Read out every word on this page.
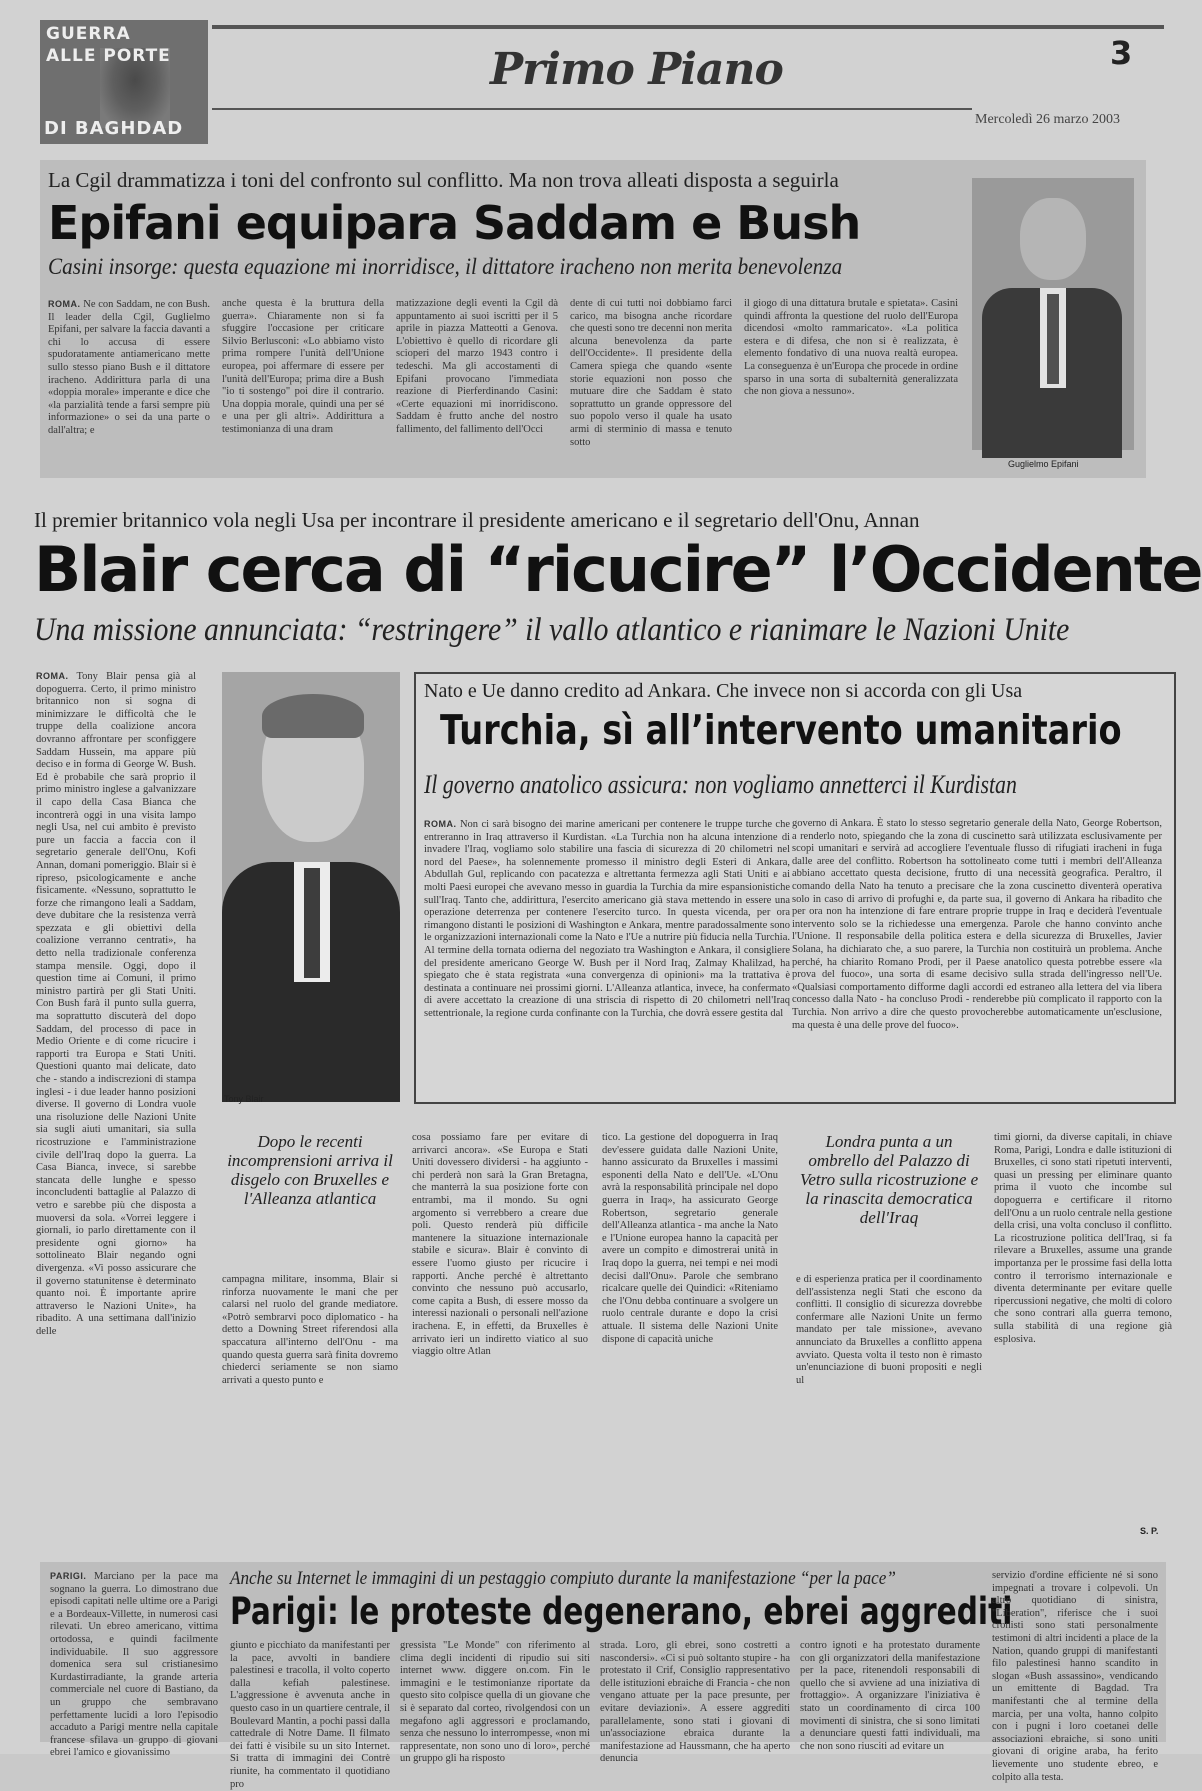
GUERRA
ALLE PORTE
DI BAGHDAD
Primo Piano	3
Mercoledì 26 marzo 2003
La Cgil drammatizza i toni del confronto sul conflitto. Ma non trova alleati disposta a seguirla
Epifani equipara Saddam e Bush
Casini insorge: questa equazione mi inorridisce, il dittatore iracheno non merita benevolenza
ROMA. Ne con Saddam, ne con Bush. Il leader della Cgil, Guglielmo Epifani, per salvare la faccia davanti a chi lo accusa di essere spudoratamente antiamericano mette sullo stesso piano Bush e il dittatore iracheno. Addirittura parla di una «doppia morale» imperante e dice che «la parzialità tende a farsi sempre più informazione» o sei da una parte o dall'altra; e
anche questa è la bruttura della guerra». Chiaramente non si fa sfuggire l'occasione per criticare Silvio Berlusconi: «Lo abbiamo visto prima rompere l'unità dell'Unione europea, poi affermare di essere per l'unità dell'Europa; prima dire a Bush "io ti sostengo" poi dire il contrario. Una doppia morale, quindi una per sé e una per gli altri». Addirittura a testimonianza di una dram
matizzazione degli eventi la Cgil dà appuntamento ai suoi iscritti per il 5 aprile in piazza Matteotti a Genova. L'obiettivo è quello di ricordare gli scioperi del marzo 1943 contro i tedeschi. Ma gli accostamenti di Epifani provocano l'immediata reazione di Pierferdinando Casini: «Certe equazioni mi inorridiscono. Saddam è frutto anche del nostro fallimento, del fallimento dell'Occi
dente di cui tutti noi dobbiamo farci carico, ma bisogna anche ricordare che questi sono tre decenni non merita alcuna benevolenza da parte dell'Occidente». Il presidente della Camera spiega che quando «sente storie equazioni non posso che mutuare dire che Saddam è stato soprattutto un grande oppressore del suo popolo verso il quale ha usato armi di sterminio di massa e tenuto sotto
il giogo di una dittatura brutale e spietata». Casini quindi affronta la questione del ruolo dell'Europa dicendosi «molto rammaricato». «La politica estera e di difesa, che non si è realizzata, è elemento fondativo di una nuova realtà europea. La conseguenza è un'Europa che procede in ordine sparso in una sorta di subalternità generalizzata che non giova a nessuno».
Guglielmo Epifani
Il premier britannico vola negli Usa per incontrare il presidente americano e il segretario dell'Onu, Annan
Blair cerca di “ricucire” l’Occidente
Una missione annunciata: “restringere” il vallo atlantico e rianimare le Nazioni Unite
ROMA. Tony Blair pensa già al dopoguerra. Certo, il primo ministro britannico non si sogna di minimizzare le difficoltà che le truppe della coalizione ancora dovranno affrontare per sconfiggere Saddam Hussein, ma appare più deciso e in forma di George W. Bush. Ed è probabile che sarà proprio il primo ministro inglese a galvanizzare il capo della Casa Bianca che incontrerà oggi in una visita lampo negli Usa, nel cui ambito è previsto pure un faccia a faccia con il segretario generale dell'Onu, Kofi Annan, domani pomeriggio. Blair si è ripreso, psicologicamente e anche fisicamente. «Nessuno, soprattutto le forze che rimangono leali a Saddam, deve dubitare che la resistenza verrà spezzata e gli obiettivi della coalizione verranno centrati», ha detto nella tradizionale conferenza stampa mensile. Oggi, dopo il question time ai Comuni, il primo ministro partirà per gli Stati Uniti. Con Bush farà il punto sulla guerra, ma soprattutto discuterà del dopo Saddam, del processo di pace in Medio Oriente e di come ricucire i rapporti tra Europa e Stati Uniti. Questioni quanto mai delicate, dato che - stando a indiscrezioni di stampa inglesi - i due leader hanno posizioni diverse. Il governo di Londra vuole una risoluzione delle Nazioni Unite sia sugli aiuti umanitari, sia sulla ricostruzione e l'amministrazione civile dell'Iraq dopo la guerra. La Casa Bianca, invece, si sarebbe stancata delle lunghe e spesso inconcludenti battaglie al Palazzo di vetro e sarebbe più che disposta a muoversi da sola. «Vorrei leggere i giornali, io parlo direttamente con il presidente ogni giorno» ha sottolineato Blair negando ogni divergenza. «Vi posso assicurare che il governo statunitense è determinato quanto noi. È importante aprire attraverso le Nazioni Unite», ha ribadito. A una settimana dall'inizio delle
Tony Blair
Nato e Ue danno credito ad Ankara. Che invece non si accorda con gli Usa
Turchia, sì all’intervento umanitario
Il governo anatolico assicura: non vogliamo annetterci il Kurdistan
ROMA. Non ci sarà bisogno dei marine americani per contenere le truppe turche che entreranno in Iraq attraverso il Kurdistan. «La Turchia non ha alcuna intenzione di invadere l'Iraq, vogliamo solo stabilire una fascia di sicurezza di 20 chilometri nel nord del Paese», ha solennemente promesso il ministro degli Esteri di Ankara, Abdullah Gul, replicando con pacatezza e altrettanta fermezza agli Stati Uniti e ai molti Paesi europei che avevano messo in guardia la Turchia da mire espansionistiche sull'Iraq. Tanto che, addirittura, l'esercito americano già stava mettendo in essere una operazione deterrenza per contenere l'esercito turco. In questa vicenda, per ora rimangono distanti le posizioni di Washington e Ankara, mentre paradossalmente sono le organizzazioni internazionali come la Nato e l'Ue a nutrire più fiducia nella Turchia. Al termine della tornata odierna del negoziato tra Washington e Ankara, il consigliere del presidente americano George W. Bush per il Nord Iraq, Zalmay Khalilzad, ha spiegato che è stata registrata «una convergenza di opinioni» ma la trattativa è destinata a continuare nei prossimi giorni. L'Alleanza atlantica, invece, ha confermato di avere accettato la creazione di una striscia di rispetto di 20 chilometri nell'Iraq settentrionale, la regione curda confinante con la Turchia, che dovrà essere gestita dal
governo di Ankara. È stato lo stesso segretario generale della Nato, George Robertson, a renderlo noto, spiegando che la zona di cuscinetto sarà utilizzata esclusivamente per scopi umanitari e servirà ad accogliere l'eventuale flusso di rifugiati iracheni in fuga dalle aree del conflitto. Robertson ha sottolineato come tutti i membri dell'Alleanza abbiano accettato questa decisione, frutto di una necessità geografica. Peraltro, il comando della Nato ha tenuto a precisare che la zona cuscinetto diventerà operativa solo in caso di arrivo di profughi e, da parte sua, il governo di Ankara ha ribadito che per ora non ha intenzione di fare entrare proprie truppe in Iraq e deciderà l'eventuale intervento solo se la richiedesse una emergenza. Parole che hanno convinto anche l'Unione. Il responsabile della politica estera e della sicurezza di Bruxelles, Javier Solana, ha dichiarato che, a suo parere, la Turchia non costituirà un problema. Anche perché, ha chiarito Romano Prodi, per il Paese anatolico questa potrebbe essere «la prova del fuoco», una sorta di esame decisivo sulla strada dell'ingresso nell'Ue. «Qualsiasi comportamento difforme dagli accordi ed estraneo alla lettera del via libera concesso dalla Nato - ha concluso Prodi - renderebbe più complicato il rapporto con la Turchia. Non arrivo a dire che questo provocherebbe automaticamente un'esclusione, ma questa è una delle prove del fuoco».
Dopo le recenti incomprensioni arriva il disgelo con Bruxelles e l'Alleanza atlantica
campagna militare, insomma, Blair si rinforza nuovamente le mani che per calarsi nel ruolo del grande mediatore. «Potrò sembrarvi poco diplomatico - ha detto a Downing Street riferendosi alla spaccatura all'interno dell'Onu - ma quando questa guerra sarà finita dovremo chiederci seriamente se non siamo arrivati a questo punto e
cosa possiamo fare per evitare di arrivarci ancora». «Se Europa e Stati Uniti dovessero dividersi - ha aggiunto - chi perderà non sarà la Gran Bretagna, che manterrà la sua posizione forte con entrambi, ma il mondo. Su ogni argomento si verrebbero a creare due poli. Questo renderà più difficile mantenere la situazione internazionale stabile e sicura». Blair è convinto di essere l'uomo giusto per ricucire i rapporti. Anche perché è altrettanto convinto che nessuno può accusarlo, come capita a Bush, di essere mosso da interessi nazionali o personali nell'azione irachena. E, in effetti, da Bruxelles è arrivato ieri un indiretto viatico al suo viaggio oltre Atlan
tico. La gestione del dopoguerra in Iraq dev'essere guidata dalle Nazioni Unite, hanno assicurato da Bruxelles i massimi esponenti della Nato e dell'Ue. «L'Onu avrà la responsabilità principale nel dopo guerra in Iraq», ha assicurato George Robertson, segretario generale dell'Alleanza atlantica - ma anche la Nato e l'Unione europea hanno la capacità per avere un compito e dimostrerai unità in Iraq dopo la guerra, nei tempi e nei modi decisi dall'Onu». Parole che sembrano ricalcare quelle dei Quindici: «Riteniamo che l'Onu debba continuare a svolgere un ruolo centrale durante e dopo la crisi attuale. Il sistema delle Nazioni Unite dispone di capacità uniche
Londra punta a un ombrello del Palazzo di Vetro sulla ricostruzione e la rinascita democratica dell'Iraq
e di esperienza pratica per il coordinamento dell'assistenza negli Stati che escono da conflitti. Il consiglio di sicurezza dovrebbe confermare alle Nazioni Unite un fermo mandato per tale missione», avevano annunciato da Bruxelles a conflitto appena avviato. Questa volta il testo non è rimasto un'enunciazione di buoni propositi e negli ul
timi giorni, da diverse capitali, in chiave Roma, Parigi, Londra e dalle istituzioni di Bruxelles, ci sono stati ripetuti interventi, quasi un pressing per eliminare quanto prima il vuoto che incombe sul dopoguerra e certificare il ritorno dell'Onu a un ruolo centrale nella gestione della crisi, una volta concluso il conflitto. La ricostruzione politica dell'Iraq, si fa rilevare a Bruxelles, assume una grande importanza per le prossime fasi della lotta contro il terrorismo internazionale e diventa determinante per evitare quelle ripercussioni negative, che molti di coloro che sono contrari alla guerra temono, sulla stabilità di una regione già esplosiva.
S. P.
PARIGI. Marciano per la pace ma sognano la guerra. Lo dimostrano due episodi capitati nelle ultime ore a Parigi e a Bordeaux-Villette, in numerosi casi rilevati. Un ebreo americano, vittima ortodossa, e quindi facilmente individuabile. Il suo aggressore domenica sera sul cristianesimo Kurdastirradiante, la grande arteria commerciale nel cuore di Bastiano, da un gruppo che sembravano perfettamente lucidi a loro l'episodio accaduto a Parigi mentre nella capitale francese sfilava un gruppo di giovani ebrei l'amico e giovanissimo
Anche su Internet le immagini di un pestaggio compiuto durante la manifestazione “per la pace”
Parigi: le proteste degenerano, ebrei aggrediti
giunto e picchiato da manifestanti per la pace, avvolti in bandiere palestinesi e tracolla, il volto coperto dalla kefiah palestinese. L'aggressione è avvenuta anche in questo caso in un quartiere centrale, il Boulevard Mantin, a pochi passi dalla cattedrale di Notre Dame. Il filmato dei fatti è visibile su un sito Internet. Si tratta di immagini dei Contrè riunite, ha commentato il quotidiano pro
gressista "Le Monde" con riferimento al clima degli incidenti di ripudio sui siti internet www. diggere on.com. Fin le immagini e le testimonianze riportate da questo sito colpisce quella di un giovane che si è separato dal corteo, rivolgendosi con un megafono agli aggressori e proclamando, senza che nessuno lo interrompesse, «non mi rappresentate, non sono uno di loro», perché un gruppo gli ha risposto
strada. Loro, gli ebrei, sono costretti a nascondersi». «Ci si può soltanto stupire - ha protestato il Crif, Consiglio rappresentativo delle istituzioni ebraiche di Francia - che non vengano attuate per la pace presunte, per evitare deviazioni». A essere aggrediti parallelamente, sono stati i giovani di un'associazione ebraica durante la manifestazione ad Haussmann, che ha aperto denuncia
contro ignoti e ha protestato duramente con gli organizzatori della manifestazione per la pace, ritenendoli responsabili di quello che si avviene ad una iniziativa di frottaggio». A organizzare l'iniziativa è stato un coordinamento di circa 100 movimenti di sinistra, che si sono limitati a denunciare questi fatti individuali, ma che non sono riusciti ad evitare un
servizio d'ordine efficiente né si sono impegnati a trovare i colpevoli. Un altro quotidiano di sinistra, "Liberation", riferisce che i suoi cronisti sono stati personalmente testimoni di altri incidenti a place de la Nation, quando gruppi di manifestanti filo palestinesi hanno scandito in slogan «Bush assassino», vendicando un emittente di Bagdad. Tra manifestanti che al termine della marcia, per una volta, hanno colpito con i pugni i loro coetanei delle associazioni ebraiche, si sono uniti giovani di origine araba, ha ferito lievemente uno studente ebreo, e colpito alla testa.
